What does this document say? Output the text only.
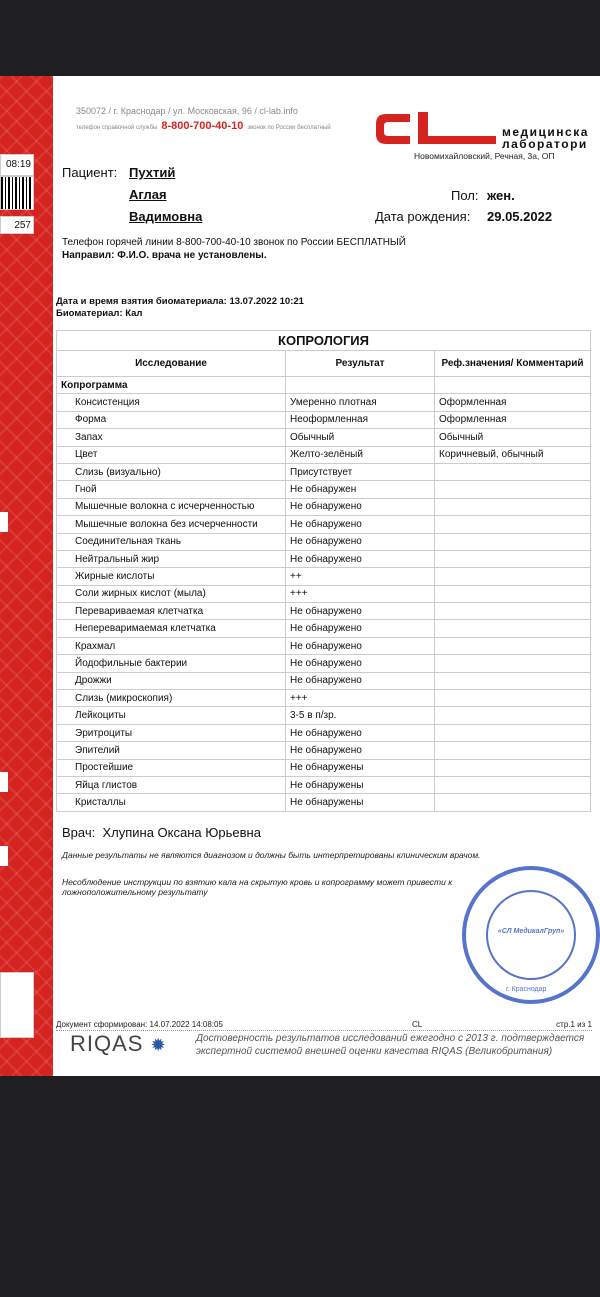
08:19
257
350072 / г. Краснодар / ул. Московская, 96 / cl-lab.info
телефон справочной службы 8-800-700-40-10 звонок по России бесплатный	медицинска
лаборатори
Новомихайловский, Речная, 3а, ОП
Пациент: Пухтий
Аглая
Вадимовна
Пол: жен.
Дата рождения: 29.05.2022
Телефон горячей линии 8-800-700-40-10 звонок по России БЕСПЛАТНЫЙ
Направил: Ф.И.О. врача не установлены.
Дата и время взятия биоматериала: 13.07.2022 10:21
Биоматериал: Кал
КОПРОЛОГИЯ		
Исследование	Результат	Реф.значения/ Комментарий
Копрограмма		
Консистенция	Умеренно плотная	Оформленная
Форма	Неоформленная	Оформленная
Запах	Обычный	Обычный
Цвет	Желто-зелёный	Коричневый, обычный
Слизь (визуально)	Присутствует	
Гной	Не обнаружен	
Мышечные волокна с исчерченностью	Не обнаружено	
Мышечные волокна без исчерченности	Не обнаружено	
Соединительная ткань	Не обнаружено	
Нейтральный жир	Не обнаружено	
Жирные кислоты	++	
Соли жирных кислот (мыла)	+++	
Перевариваемая клетчатка	Не обнаружено	
Непереваримаемая клетчатка	Не обнаружено	
Крахмал	Не обнаружено	
Йодофильные бактерии	Не обнаружено	
Дрожжи	Не обнаружено	
Слизь (микроскопия)	+++	
Лейкоциты	3-5 в п/зр.	
Эритроциты	Не обнаружено	
Эпителий	Не обнаружено	
Простейшие	Не обнаружены	
Яйца глистов	Не обнаружены	
Кристаллы	Не обнаружены	
Врач: Хлупина Оксана Юрьевна
Данные результаты не являются диагнозом и должны быть интерпретированы клиническим врачом.
Несоблюдение инструкции по взятию кала на скрытую кровь и копрограмму может привести к
ложноположительному результату
«СЛ МедикалГруп»
г. Краснодар
Документ сформирован: 14.07.2022 14:08:05	CL	стр.1 из 1
RIQAS ✹	Достоверность результатов исследований ежегодно с 2013 г. подтверждается
экспертной системой внешней оценки качества RIQAS (Великобритания)
